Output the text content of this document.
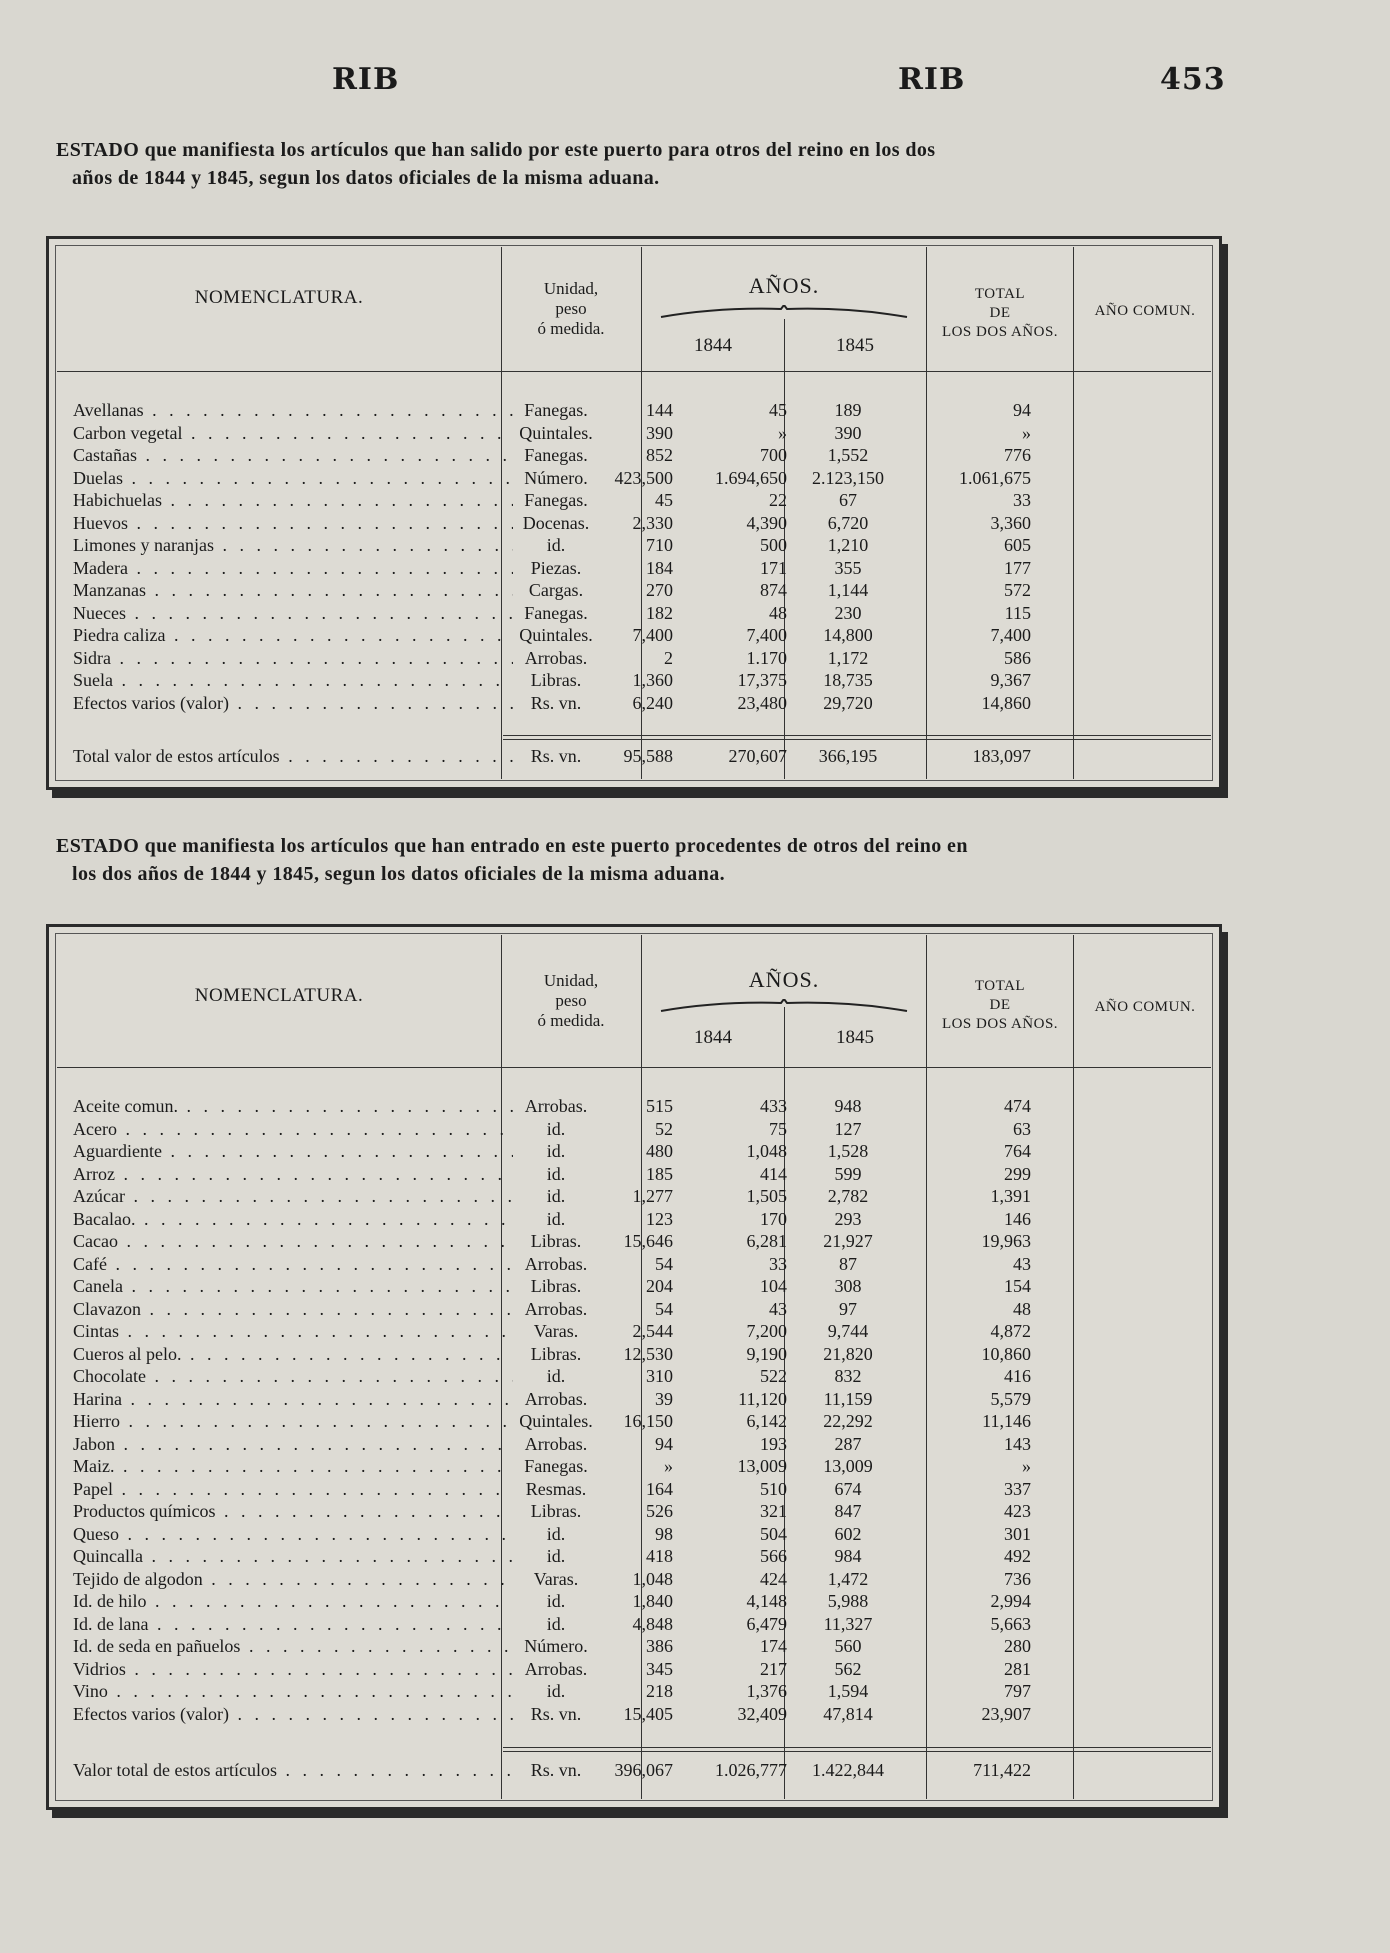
RIB	RIB	453
ESTADO que manifiesta los artículos que han salido por este puerto para otros del reino en los dos
años de 1844 y 1845, segun los datos oficiales de la misma aduana.
NOMENCLATURA.	Unidad,
peso
ó medida.
AÑOS.
1844	1845
TOTAL
DE
LOS DOS AÑOS.
AÑO COMUN.
Avellanas . . .	Fanegas.	144	45	189	94
Carbon vegetal . . .	Quintales.	390	»	390	»
Castañas . . .	Fanegas.	852	700	1,552	776
Duelas . . .	Número.	423,500	1.694,650	2.123,150	1.061,675
Habichuelas . . .	Fanegas.	45	22	67	33
Huevos . . .	Docenas.	2,330	4,390	6,720	3,360
Limones y naranjas . . .	id.	710	500	1,210	605
Madera . . .	Piezas.	184	171	355	177
Manzanas . . .	Cargas.	270	874	1,144	572
Nueces . . .	Fanegas.	182	48	230	115
Piedra caliza . . .	Quintales.	7,400	7,400	14,800	7,400
Sidra . . .	Arrobas.	2	1.170	1,172	586
Suela . . .	Libras.	1,360	17,375	18,735	9,367
Efectos varios (valor) . . .	Rs. vn.	6,240	23,480	29,720	14,860
Total valor de estos artículos . . .	Rs. vn.	95,588	270,607	366,195	183,097
ESTADO que manifiesta los artículos que han entrado en este puerto procedentes de otros del reino en
los dos años de 1844 y 1845, segun los datos oficiales de la misma aduana.
NOMENCLATURA.
Unidad,
peso
ó medida.
AÑOS.
1844	1845
TOTAL
DE
LOS DOS AÑOS.
AÑO COMUN.
Aceite comun. . . .	Arrobas.	515	433	948	474
Acero . . .	id.	52	75	127	63
Aguardiente . . .	id.	480	1,048	1,528	764
Arroz . . .	id.	185	414	599	299
Azúcar . . .	id.	1,277	1,505	2,782	1,391
Bacalao. . . .	id.	123	170	293	146
Cacao . . .	Libras.	15,646	6,281	21,927	19,963
Café . . .	Arrobas.	54	33	87	43
Canela . . .	Libras.	204	104	308	154
Clavazon . . .	Arrobas.	54	43	97	48
Cintas . . .	Varas.	2,544	7,200	9,744	4,872
Cueros al pelo. . . .	Libras.	12,530	9,190	21,820	10,860
Chocolate . . .	id.	310	522	832	416
Harina . . .	Arrobas.	39	11,120	11,159	5,579
Hierro . . .	Quintales.	16,150	6,142	22,292	11,146
Jabon . . .	Arrobas.	94	193	287	143
Maiz. . . .	Fanegas.	»	13,009	13,009	»
Papel . . .	Resmas.	164	510	674	337
Productos químicos . . .	Libras.	526	321	847	423
Queso . . .	id.	98	504	602	301
Quincalla . . .	id.	418	566	984	492
Tejido de algodon . . .	Varas.	1,048	424	1,472	736
Id. de hilo . . .	id.	1,840	4,148	5,988	2,994
Id. de lana . . .	id.	4,848	6,479	11,327	5,663
Id. de seda en pañuelos . . .	Número.	386	174	560	280
Vidrios . . .	Arrobas.	345	217	562	281
Vino . . .	id.	218	1,376	1,594	797
Efectos varios (valor) . . .	Rs. vn.	15,405	32,409	47,814	23,907
Valor total de estos artículos . . .	Rs. vn.	396,067	1.026,777	1.422,844	711,422
